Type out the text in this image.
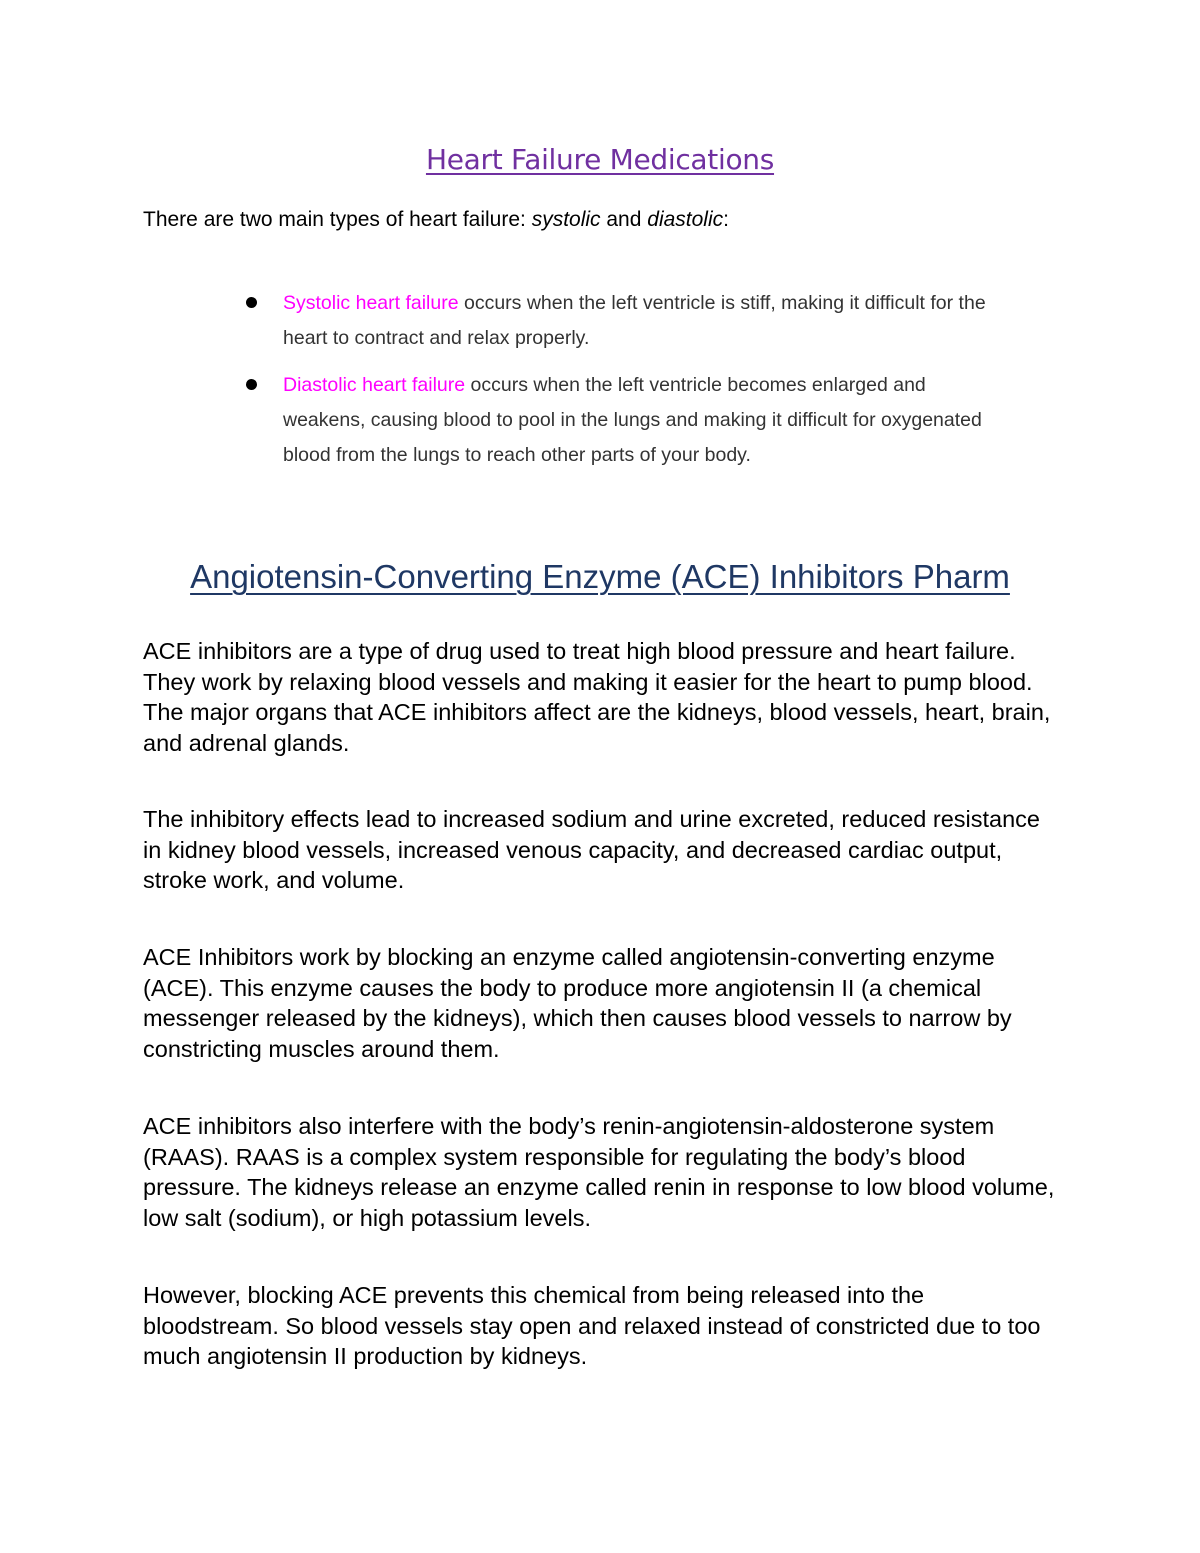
Heart Failure Medications

There are two main types of heart failure: systolic and diastolic:

Systolic heart failure occurs when the left ventricle is stiff, making it difficult for the heart to contract and relax properly.
Diastolic heart failure occurs when the left ventricle becomes enlarged and weakens, causing blood to pool in the lungs and making it difficult for oxygenated blood from the lungs to reach other parts of your body.
Angiotensin-Converting Enzyme (ACE) Inhibitors Pharm

ACE inhibitors are a type of drug used to treat high blood pressure and heart failure. They work by relaxing blood vessels and making it easier for the heart to pump blood. The major organs that ACE inhibitors affect are the kidneys, blood vessels, heart, brain, and adrenal glands.

The inhibitory effects lead to increased sodium and urine excreted, reduced resistance in kidney blood vessels, increased venous capacity, and decreased cardiac output, stroke work, and volume.

ACE Inhibitors work by blocking an enzyme called angiotensin-converting enzyme (ACE). This enzyme causes the body to produce more angiotensin II (a chemical messenger released by the kidneys), which then causes blood vessels to narrow by constricting muscles around them.

ACE inhibitors also interfere with the body’s renin-angiotensin-aldosterone system (RAAS). RAAS is a complex system responsible for regulating the body’s blood pressure. The kidneys release an enzyme called renin in response to low blood volume, low salt (sodium), or high potassium levels.

However, blocking ACE prevents this chemical from being released into the bloodstream. So blood vessels stay open and relaxed instead of constricted due to too much angiotensin II production by kidneys.
